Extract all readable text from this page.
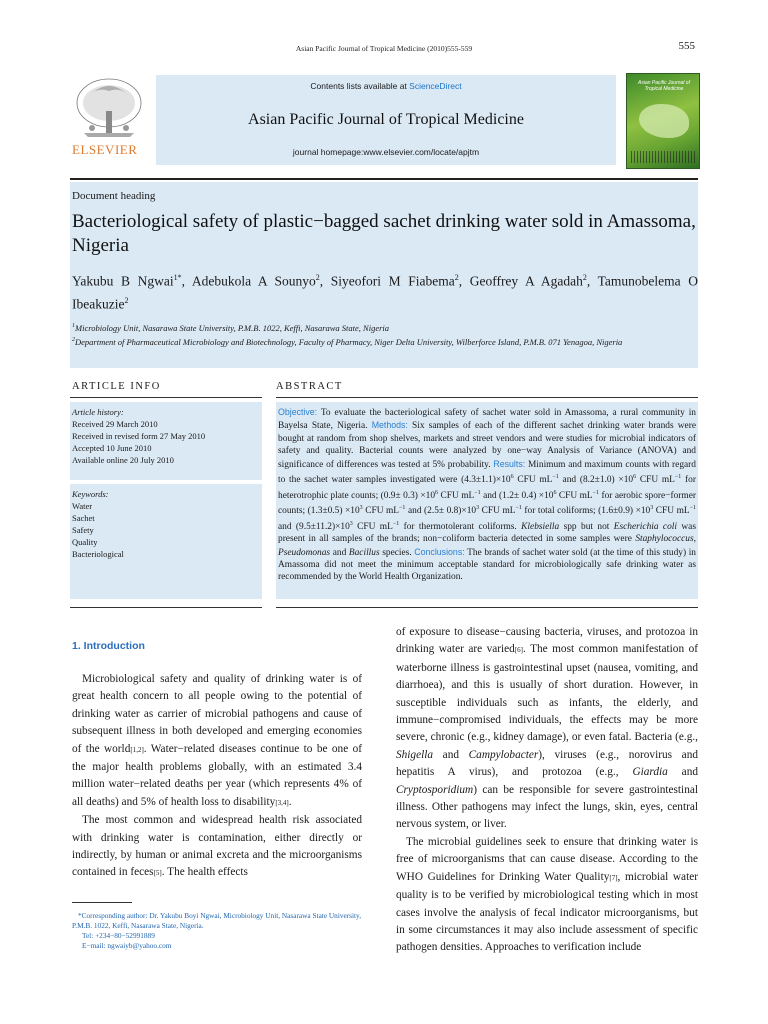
Asian Pacific Journal of Tropical Medicine (2010)555-559	555
ELSEVIER
Contents lists available at ScienceDirect
Asian Pacific Journal of Tropical Medicine
journal homepage:www.elsevier.com/locate/apjtm
Asian Pacific Journal of Tropical Medicine
Document heading
Bacteriological safety of plastic−bagged sachet drinking water sold in Amassoma, Nigeria
Yakubu B Ngwai$^{1*}$, Adebukola A Sounyo$^2$, Siyeofori M Fiabema$^2$, Geoffrey A Agadah$^2$, Tamunobelema O Ibeakuzie$^2$
$^1$Microbiology Unit, Nasarawa State University, P.M.B. 1022, Keffi, Nasarawa State, Nigeria
$^2$Department of Pharmaceutical Microbiology and Biotechnology, Faculty of Pharmacy, Niger Delta University, Wilberforce Island, P.M.B. 071 Yenagoa, Nigeria
ARTICLE INFO	ABSTRACT
Article history:
Received 29 March 2010
Received in revised form 27 May 2010
Accepted 10 June 2010
Available online 20 July 2010
Keywords:
Water
Sachet
Safety
Quality
Bacteriological
Objective: To evaluate the bacteriological safety of sachet water sold in Amassoma, a rural community in Bayelsa State, Nigeria. Methods: Six samples of each of the different sachet drinking water brands were bought at random from shop shelves, markets and street vendors and were studies for microbial indicators of safety and quality. Bacterial counts were analyzed by one−way Analysis of Variance (ANOVA) and significance of differences was tested at 5% probability. Results: Minimum and maximum counts with regard to the sachet water samples investigated were $(4.3\pm 1.1)\times 10^6$ CFU $mL^{-1}$ and $(8.2\pm 1.0) \times 10^6$ CFU $mL^{-1}$ for heterotrophic plate counts; $(0.9\pm 0.3) \times 10^6$ CFU $mL^{-1}$ and $(1.2\pm 0.4) \times 10^6$ CFU $mL^{-1}$ for aerobic spore−former counts; $(1.3\pm 0.5) \times 10^3$ CFU $mL^{-1}$ and $(2.5\pm 0.8)\times 10^3$ CFU $mL^{-1}$ for total coliforms; $(1.6\pm 0.9) \times 10^3$ CFU $mL^{-1}$ and $(9.5\pm 11.2)\times 10^3$ CFU $mL^{-1}$ for thermotolerant coliforms. Klebsiella spp but not Escherichia coli was present in all samples of the brands; non−coliform bacteria detected in some samples were Staphylococcus, Pseudomonas and Bacillus species. Conclusions: The brands of sachet water sold (at the time of this study) in Amassoma did not meet the minimum acceptable standard for microbiologically safe drinking water as recommended by the World Health Organization.
1. Introduction

Microbiological safety and quality of drinking water is of great health concern to all people owing to the potential of drinking water as carrier of microbial pathogens and cause of subsequent illness in both developed and emerging economies of the world[1,2]. Water−related diseases continue to be one of the major health problems globally, with an estimated 3.4 million water−related deaths per year (which represents 4% of all deaths) and 5% of health loss to disability[3,4].

The most common and widespread health risk associated with drinking water is contamination, either directly or indirectly, by human or animal excreta and the microorganisms contained in feces[5]. The health effects

of exposure to disease−causing bacteria, viruses, and protozoa in drinking water are varied[6]. The most common manifestation of waterborne illness is gastrointestinal upset (nausea, vomiting, and diarrhoea), and this is usually of short duration. However, in susceptible individuals such as infants, the elderly, and immune−compromised individuals, the effects may be more severe, chronic (e.g., kidney damage), or even fatal. Bacteria (e.g., Shigella and Campylobacter), viruses (e.g., norovirus and hepatitis A virus), and protozoa (e.g., Giardia and Cryptosporidium) can be responsible for severe gastrointestinal illness. Other pathogens may infect the lungs, skin, eyes, central nervous system, or liver.

The microbial guidelines seek to ensure that drinking water is free of microorganisms that can cause disease. According to the WHO Guidelines for Drinking Water Quality[7], microbial water quality is to be verified by microbiological testing which in most cases involve the analysis of fecal indicator microorganisms, but in some circumstances it may also include assessment of specific pathogen densities. Approaches to verification include

*Corresponding author: Dr. Yakubu Boyi Ngwai, Microbiology Unit, Nasarawa State University, P.M.B. 1022, Keffi, Nasarawa State, Nigeria.
Tel: +234−80−52991889
E−mail: ngwaiyb@yahoo.com
